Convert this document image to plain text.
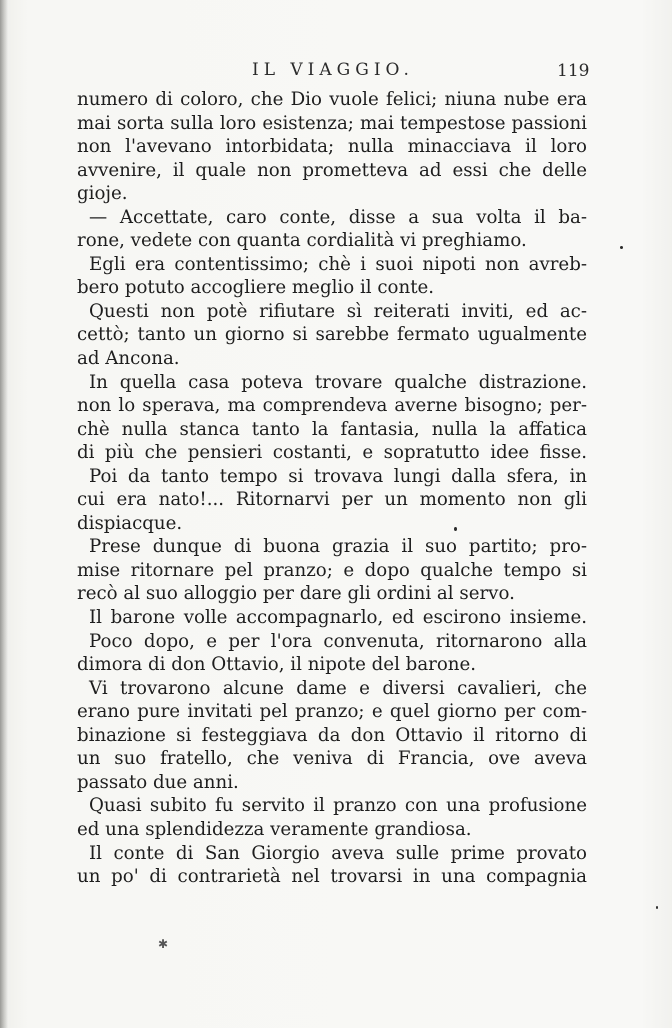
IL VIAGGIO.	119
numero di coloro, che Dio vuole felici; niuna nube era
mai sorta sulla loro esistenza; mai tempestose passioni
non l'avevano intorbidata; nulla minacciava il loro
avvenire, il quale non prometteva ad essi che delle
gioje.
— Accettate, caro conte, disse a sua volta il ba-
rone, vedete con quanta cordialità vi preghiamo.
Egli era contentissimo; chè i suoi nipoti non avreb-
bero potuto accogliere meglio il conte.
Questi non potè rifiutare sì reiterati inviti, ed ac-
cettò; tanto un giorno si sarebbe fermato ugualmente
ad Ancona.
In quella casa poteva trovare qualche distrazione.
non lo sperava, ma comprendeva averne bisogno; per-
chè nulla stanca tanto la fantasia, nulla la affatica
di più che pensieri costanti, e sopratutto idee fisse.
Poi da tanto tempo si trovava lungi dalla sfera, in
cui era nato!... Ritornarvi per un momento non gli
dispiacque.
Prese dunque di buona grazia il suo partito; pro-
mise ritornare pel pranzo; e dopo qualche tempo si
recò al suo alloggio per dare gli ordini al servo.
Il barone volle accompagnarlo, ed escirono insieme.
Poco dopo, e per l'ora convenuta, ritornarono alla
dimora di don Ottavio, il nipote del barone.
Vi trovarono alcune dame e diversi cavalieri, che
erano pure invitati pel pranzo; e quel giorno per com-
binazione si festeggiava da don Ottavio il ritorno di
un suo fratello, che veniva di Francia, ove aveva
passato due anni.
Quasi subito fu servito il pranzo con una profusione
ed una splendidezza veramente grandiosa.
Il conte di San Giorgio aveva sulle prime provato
un po' di contrarietà nel trovarsi in una compagnia
✱
